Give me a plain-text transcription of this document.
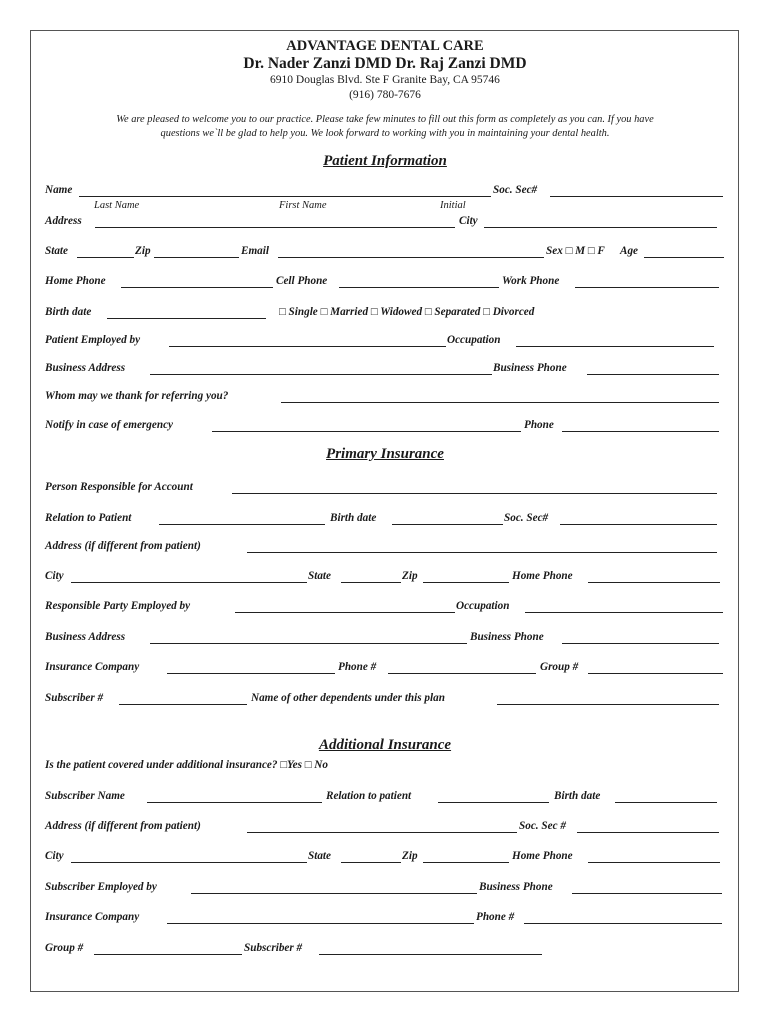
ADVANTAGE DENTAL CARE
Dr. Nader Zanzi DMD Dr. Raj Zanzi DMD
6910 Douglas Blvd. Ste F Granite Bay, CA 95746
(916) 780-7676
We are pleased to welcome you to our practice. Please take few minutes to fill out this form as completely as you can. If you have
questions we`ll be glad to help you. We look forward to working with you in maintaining your dental health.
Patient Information
Name	Soc. Sec#
Last Name	First Name	Initial
Address	City
State	Zip	Email	Sex □ M □ F Age
Home Phone	Cell Phone	Work Phone
Birth date	□ Single □ Married □ Widowed □ Separated □ Divorced
Patient Employed by	Occupation
Business Address	Business Phone
Whom may we thank for referring you?
Notify in case of emergency	Phone
Primary Insurance
Person Responsible for Account
Relation to Patient	Birth date	Soc. Sec#
Address (if different from patient)
City	State	Zip	Home Phone
Responsible Party Employed by	Occupation
Business Address	Business Phone
Insurance Company	Phone #	Group #
Subscriber #	Name of other dependents under this plan
Additional Insurance
Is the patient covered under additional insurance? □Yes □ No
Subscriber Name	Relation to patient	Birth date
Address (if different from patient)	Soc. Sec #
City	State	Zip	Home Phone
Subscriber Employed by	Business Phone
Insurance Company	Phone #
Group #	Subscriber #
